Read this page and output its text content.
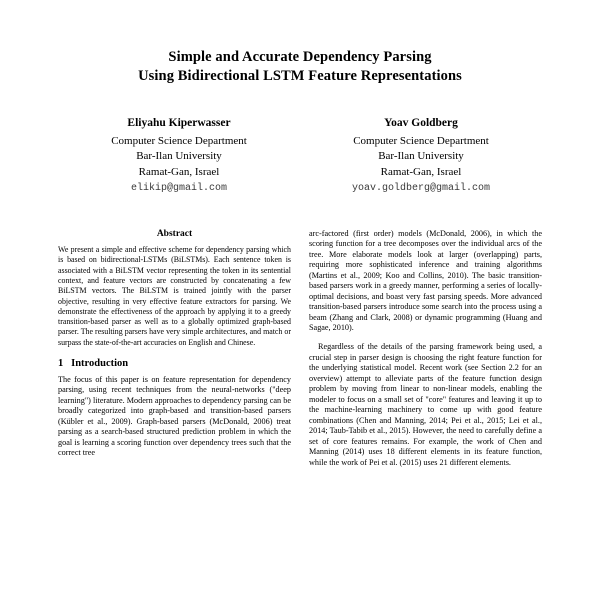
Simple and Accurate Dependency Parsing
Using Bidirectional LSTM Feature Representations
Eliyahu Kiperwasser
Computer Science Department
Bar-Ilan University
Ramat-Gan, Israel
elikip@gmail.com
Yoav Goldberg
Computer Science Department
Bar-Ilan University
Ramat-Gan, Israel
yoav.goldberg@gmail.com
Abstract
We present a simple and effective scheme for dependency parsing which is based on bidirectional-LSTMs (BiLSTMs). Each sentence token is associated with a BiLSTM vector representing the token in its sentential context, and feature vectors are constructed by concatenating a few BiLSTM vectors. The BiLSTM is trained jointly with the parser objective, resulting in very effective feature extractors for parsing. We demonstrate the effectiveness of the approach by applying it to a greedy transition-based parser as well as to a globally optimized graph-based parser. The resulting parsers have very simple architectures, and match or surpass the state-of-the-art accuracies on English and Chinese.
1 Introduction

The focus of this paper is on feature representation for dependency parsing, using recent techniques from the neural-networks ("deep learning") literature. Modern approaches to dependency parsing can be broadly categorized into graph-based and transition-based parsers (Kübler et al., 2009). Graph-based parsers (McDonald, 2006) treat parsing as a search-based structured prediction problem in which the goal is learning a scoring function over dependency trees such that the correct tree

arc-factored (first order) models (McDonald, 2006), in which the scoring function for a tree decomposes over the individual arcs of the tree. More elaborate models look at larger (overlapping) parts, requiring more sophisticated inference and training algorithms (Martins et al., 2009; Koo and Collins, 2010). The basic transition-based parsers work in a greedy manner, performing a series of locally-optimal decisions, and boast very fast parsing speeds. More advanced transition-based parsers introduce some search into the process using a beam (Zhang and Clark, 2008) or dynamic programming (Huang and Sagae, 2010).

Regardless of the details of the parsing framework being used, a crucial step in parser design is choosing the right feature function for the underlying statistical model. Recent work (see Section 2.2 for an overview) attempt to alleviate parts of the feature function design problem by moving from linear to non-linear models, enabling the modeler to focus on a small set of "core" features and leaving it up to the machine-learning machinery to come up with good feature combinations (Chen and Manning, 2014; Pei et al., 2015; Lei et al., 2014; Taub-Tabib et al., 2015). However, the need to carefully define a set of core features remains. For example, the work of Chen and Manning (2014) uses 18 different elements in its feature function, while the work of Pei et al. (2015) uses 21 different elements.
